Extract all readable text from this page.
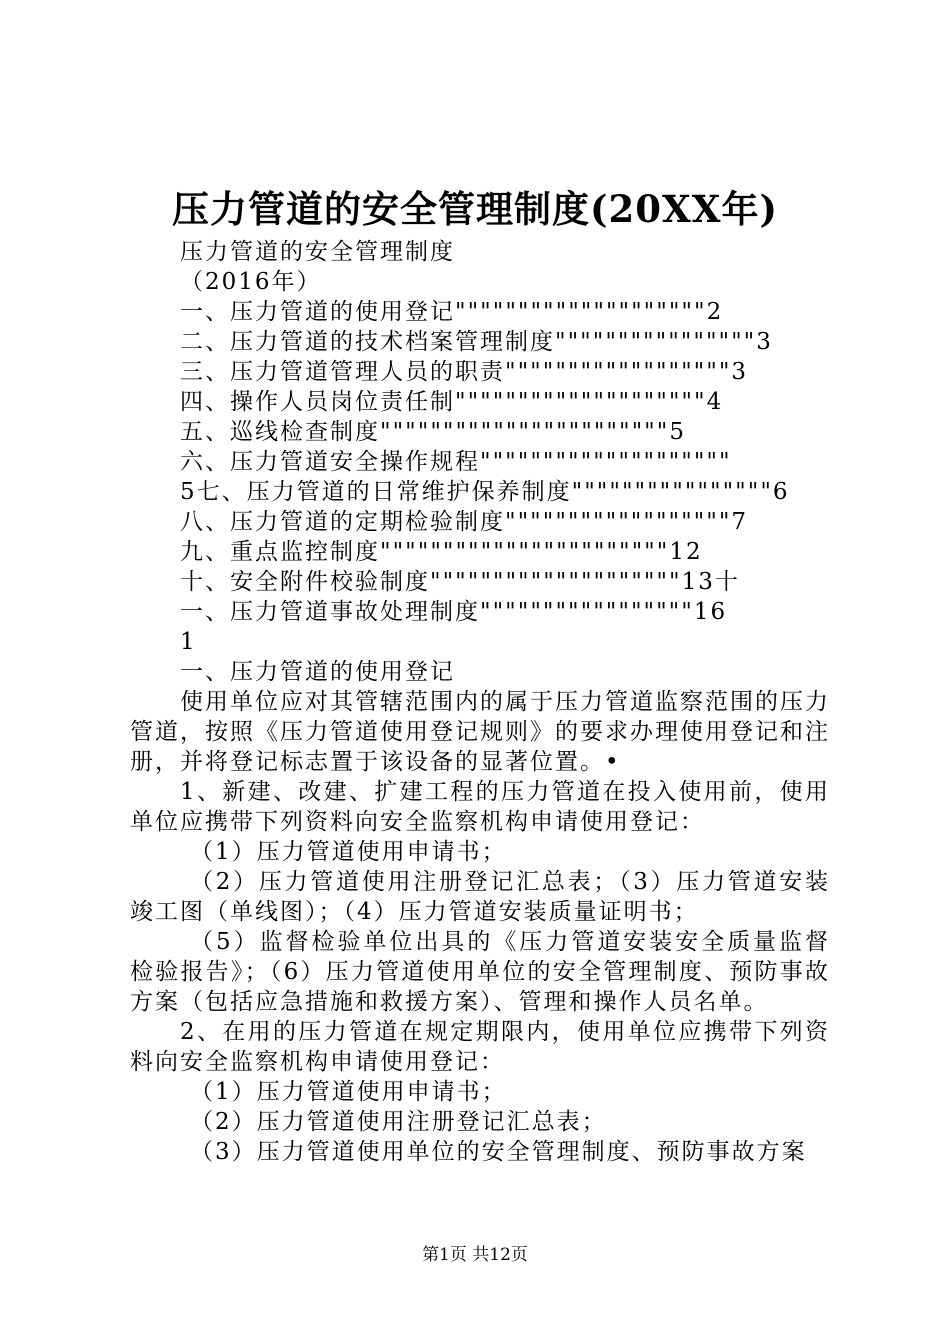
压力管道的安全管理制度(20XX年)
压力管道的安全管理制度
（2016年）
一、压力管道的使用登记""""""""""""""""""""2
二、压力管道的技术档案管理制度""""""""""""""""3
三、压力管道管理人员的职责""""""""""""""""""3
四、操作人员岗位责任制""""""""""""""""""""4
五、巡线检查制度"""""""""""""""""""""""5
六、压力管道安全操作规程""""""""""""""""""""
5七、压力管道的日常维护保养制度""""""""""""""""6
八、压力管道的定期检验制度""""""""""""""""""7
九、重点监控制度"""""""""""""""""""""""12
十、安全附件校验制度""""""""""""""""""""13十
一、压力管道事故处理制度"""""""""""""""""16
1
一、压力管道的使用登记
使用单位应对其管辖范围内的属于压力管道监察范围的压力管道，按照《压力管道使用登记规则》的要求办理使用登记和注册，并将登记标志置于该设备的显著位置。•
1、新建、改建、扩建工程的压力管道在投入使用前，使用单位应携带下列资料向安全监察机构申请使用登记：
（1）压力管道使用申请书；
（2）压力管道使用注册登记汇总表；（3）压力管道安装竣工图（单线图）；（4）压力管道安装质量证明书；
（5）监督检验单位出具的《压力管道安装安全质量监督检验报告》；（6）压力管道使用单位的安全管理制度、预防事故方案（包括应急措施和救援方案）、管理和操作人员名单。
2、在用的压力管道在规定期限内，使用单位应携带下列资料向安全监察机构申请使用登记：
（1）压力管道使用申请书；
（2）压力管道使用注册登记汇总表；
（3）压力管道使用单位的安全管理制度、预防事故方案
第1页 共12页
